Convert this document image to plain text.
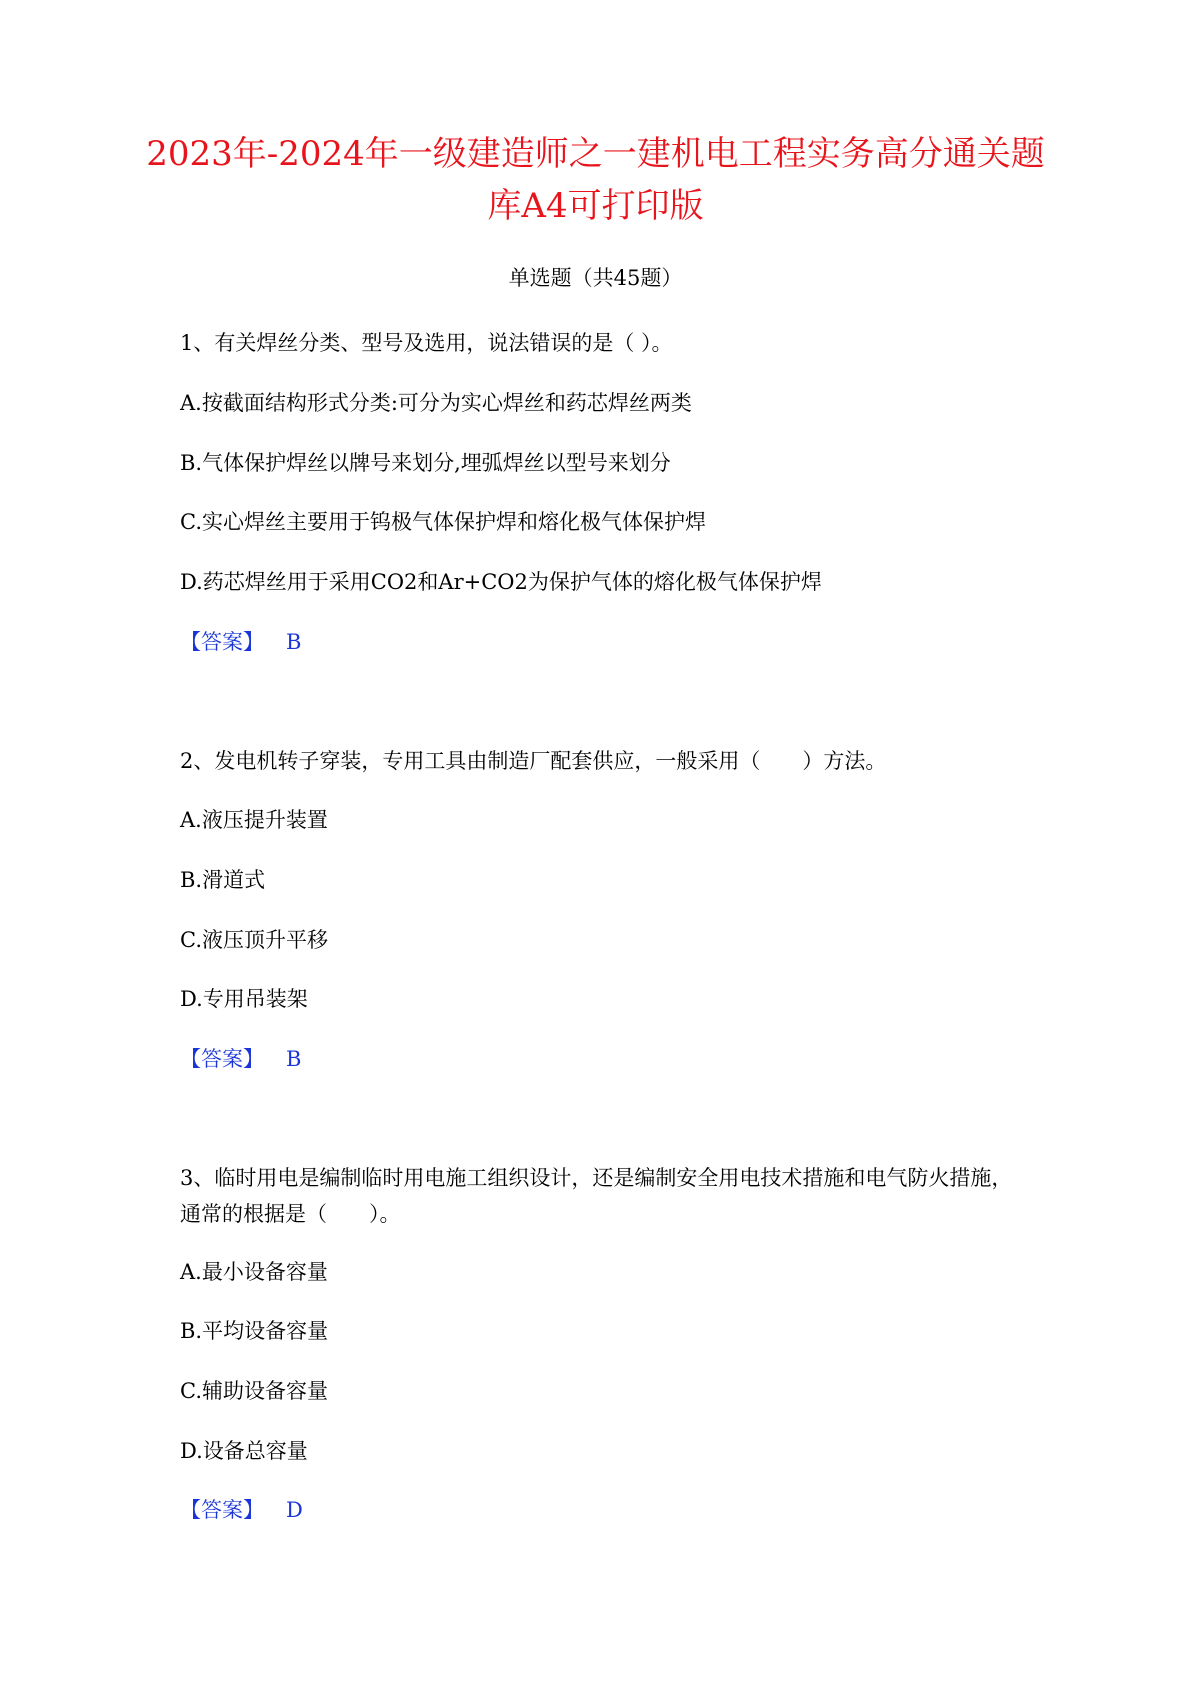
2023年-2024年一级建造师之一建机电工程实务高分通关题库A4可打印版

单选题（共45题）

1、有关焊丝分类、型号及选用，说法错误的是（ ）。

A.按截面结构形式分类:可分为实心焊丝和药芯焊丝两类

B.气体保护焊丝以牌号来划分,埋弧焊丝以型号来划分

C.实心焊丝主要用于钨极气体保护焊和熔化极气体保护焊

D.药芯焊丝用于采用CO2和Ar+CO2为保护气体的熔化极气体保护焊

【答案】 B

2、发电机转子穿装，专用工具由制造厂配套供应，一般采用（　　）方法。

A.液压提升装置

B.滑道式

C.液压顶升平移

D.专用吊装架

【答案】 B

3、临时用电是编制临时用电施工组织设计，还是编制安全用电技术措施和电气防火措施，通常的根据是（　　）。

A.最小设备容量

B.平均设备容量

C.辅助设备容量

D.设备总容量

【答案】 D
